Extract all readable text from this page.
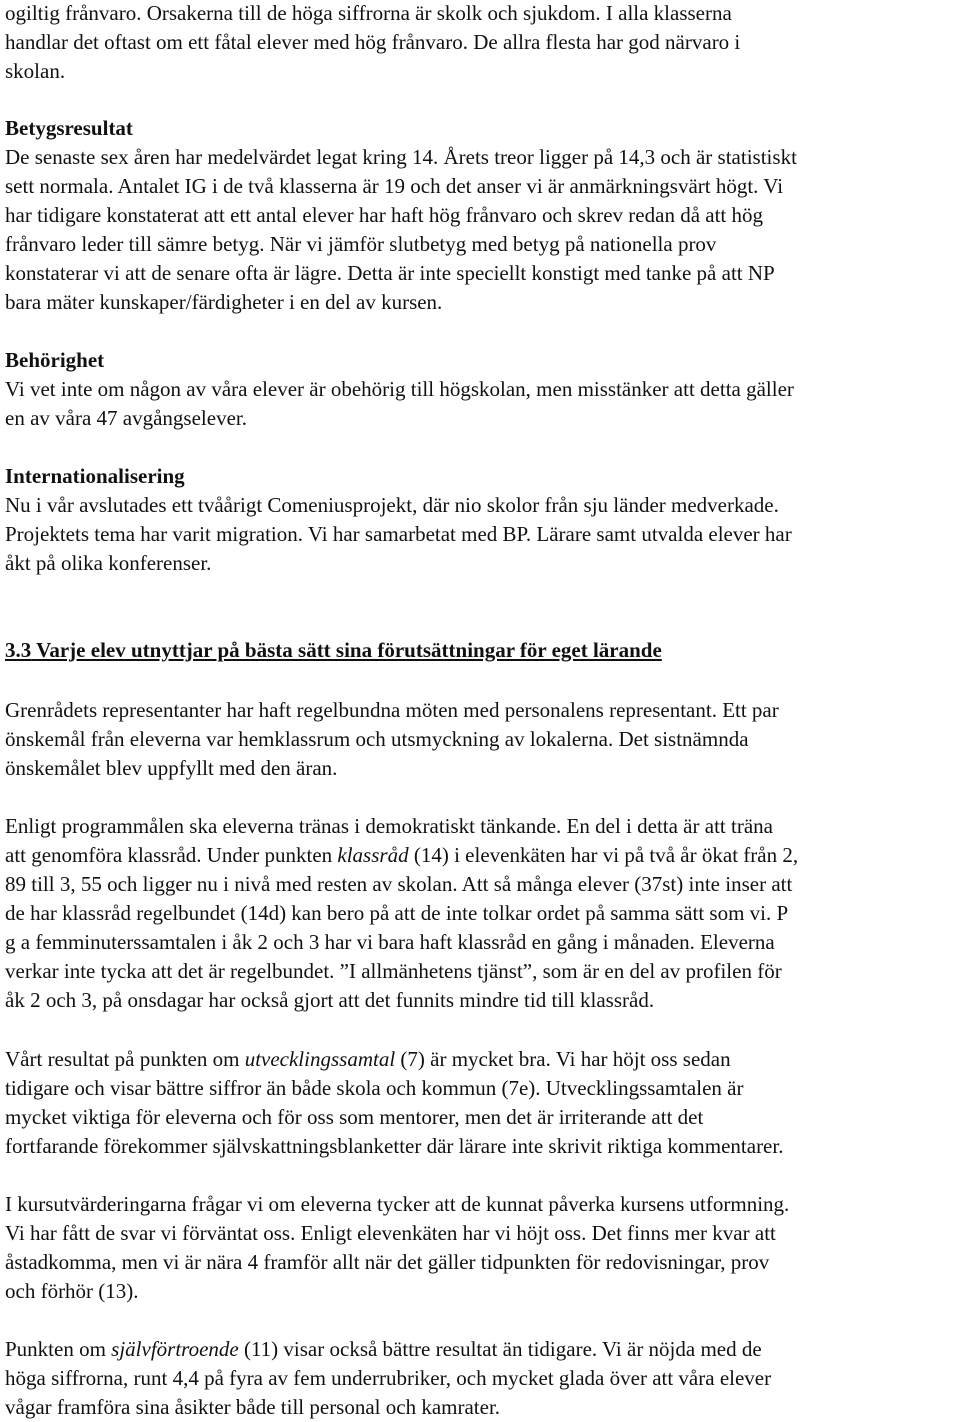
ogiltig frånvaro. Orsakerna till de höga siffrorna är skolk och sjukdom. I alla klasserna
handlar det oftast om ett fåtal elever med hög frånvaro. De allra flesta har god närvaro i
skolan.
Betygsresultat
De senaste sex åren har medelvärdet legat kring 14. Årets treor ligger på 14,3 och är statistiskt
sett normala. Antalet IG i de två klasserna är 19 och det anser vi är anmärkningsvärt högt. Vi
har tidigare konstaterat att ett antal elever har haft hög frånvaro och skrev redan då att hög
frånvaro leder till sämre betyg. När vi jämför slutbetyg med betyg på nationella prov
konstaterar vi att de senare ofta är lägre. Detta är inte speciellt konstigt med tanke på att NP
bara mäter kunskaper/färdigheter i en del av kursen.
Behörighet
Vi vet inte om någon av våra elever är obehörig till högskolan, men misstänker att detta gäller
en av våra 47 avgångselever.
Internationalisering
Nu i vår avslutades ett tvåårigt Comeniusprojekt, där nio skolor från sju länder medverkade.
Projektets tema har varit migration. Vi har samarbetat med BP. Lärare samt utvalda elever har
åkt på olika konferenser.
3.3 Varje elev utnyttjar på bästa sätt sina förutsättningar för eget lärande
Grenrådets representanter har haft regelbundna möten med personalens representant. Ett par
önskemål från eleverna var hemklassrum och utsmyckning av lokalerna. Det sistnämnda
önskemålet blev uppfyllt med den äran.
Enligt programmålen ska eleverna tränas i demokratiskt tänkande. En del i detta är att träna
att genomföra klassråd. Under punkten klassråd (14) i elevenkäten har vi på två år ökat från 2,
89 till 3, 55 och ligger nu i nivå med resten av skolan. Att så många elever (37st) inte inser att
de har klassråd regelbundet (14d) kan bero på att de inte tolkar ordet på samma sätt som vi. P
g a femminuterssamtalen i åk 2 och 3 har vi bara haft klassråd en gång i månaden. Eleverna
verkar inte tycka att det är regelbundet. ”I allmänhetens tjänst”, som är en del av profilen för
åk 2 och 3, på onsdagar har också gjort att det funnits mindre tid till klassråd.
Vårt resultat på punkten om utvecklingssamtal (7) är mycket bra. Vi har höjt oss sedan
tidigare och visar bättre siffror än både skola och kommun (7e). Utvecklingssamtalen är
mycket viktiga för eleverna och för oss som mentorer, men det är irriterande att det
fortfarande förekommer självskattningsblanketter där lärare inte skrivit riktiga kommentarer.
I kursutvärderingarna frågar vi om eleverna tycker att de kunnat påverka kursens utformning.
Vi har fått de svar vi förväntat oss. Enligt elevenkäten har vi höjt oss. Det finns mer kvar att
åstadkomma, men vi är nära 4 framför allt när det gäller tidpunkten för redovisningar, prov
och förhör (13).
Punkten om självförtroende (11) visar också bättre resultat än tidigare. Vi är nöjda med de
höga siffrorna, runt 4,4 på fyra av fem underrubriker, och mycket glada över att våra elever
vågar framföra sina åsikter både till personal och kamrater.
